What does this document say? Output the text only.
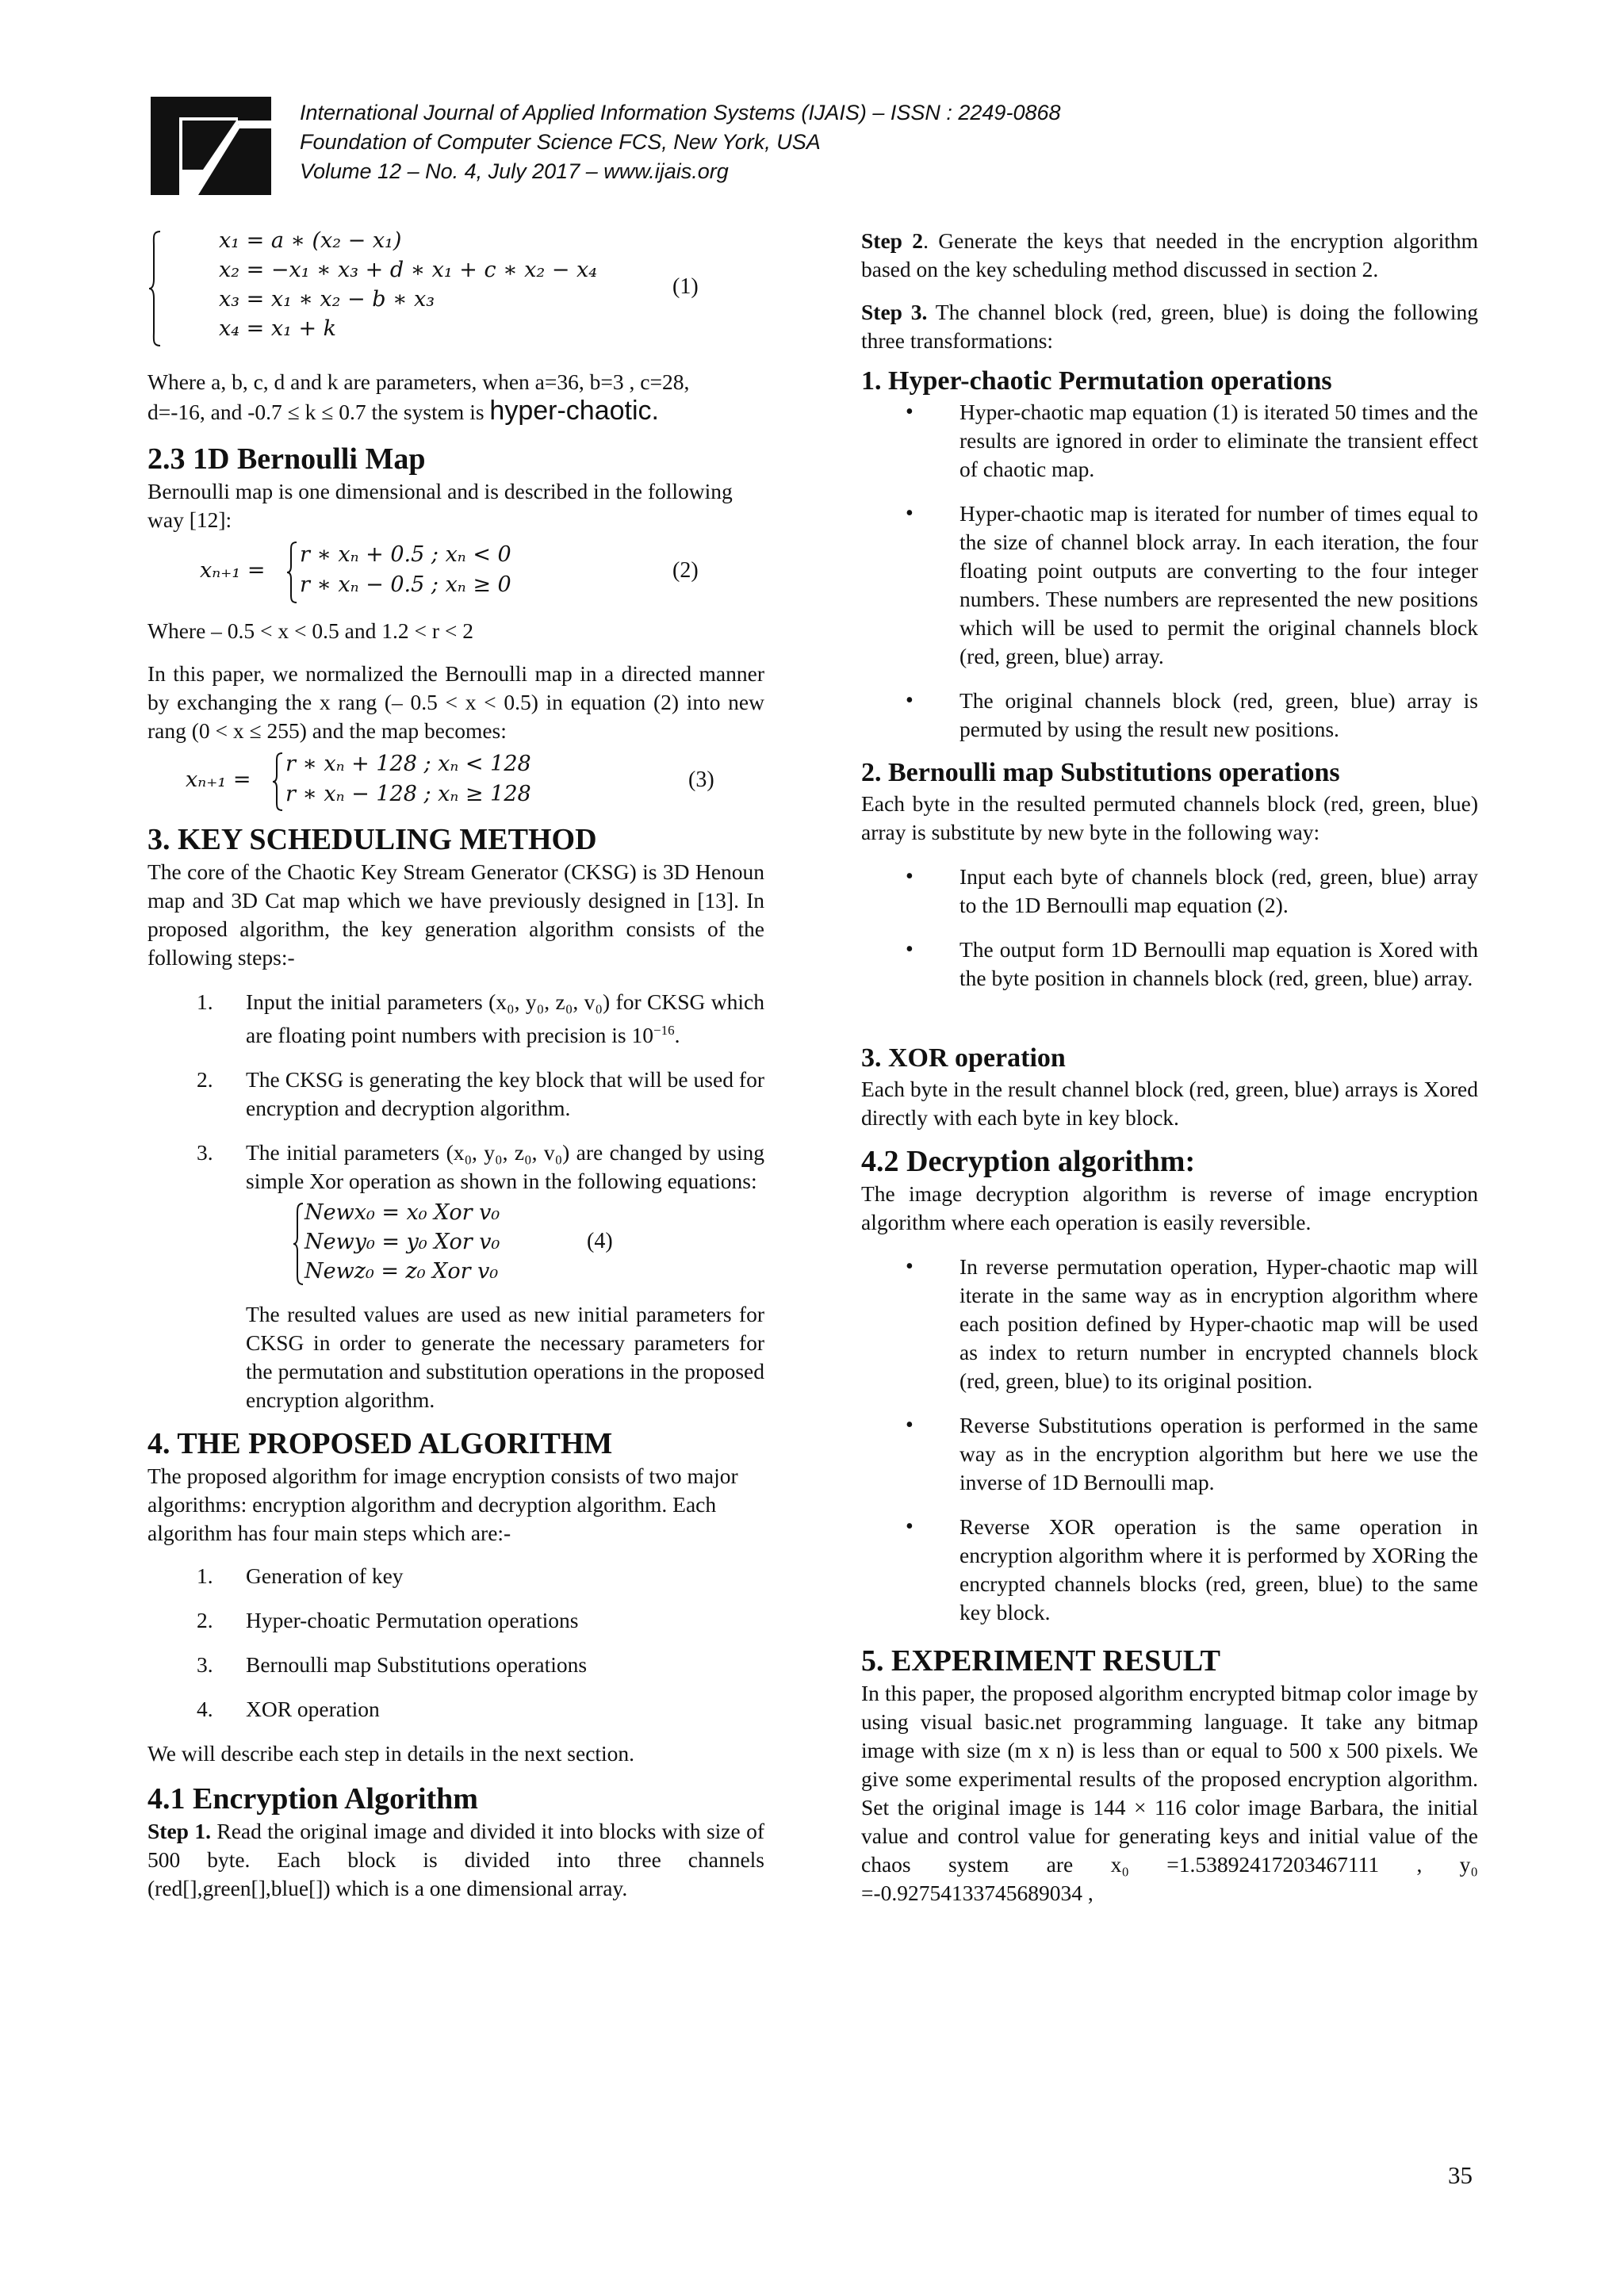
International Journal of Applied Information Systems (IJAIS) – ISSN : 2249-0868
Foundation of Computer Science FCS, New York, USA
Volume 12 – No. 4, July 2017 – www.ijais.org
x₁ = a ∗ (x₂ − x₁)
x₂ = −x₁ ∗ x₃ + d ∗ x₁ + c ∗ x₂ − x₄
x₃ = x₁ ∗ x₂ − b ∗ x₃
x₄ = x₁ + k
(1)

Where a, b, c, d and k are parameters, when a=36, b=3 , c=28,

d=-16, and -0.7 ≤ k ≤ 0.7 the system is hyper-chaotic.

2.3 1D Bernoulli Map

Bernoulli map is one dimensional and is described in the following way [12]:

xₙ₊₁ =
r ∗ xₙ + 0.5 ; xₙ < 0
r ∗ xₙ − 0.5 ; xₙ ≥ 0
(2)

Where – 0.5 < x < 0.5 and 1.2 < r < 2

In this paper, we normalized the Bernoulli map in a directed manner by exchanging the x rang (– 0.5 < x < 0.5) in equation (2) into new rang (0 < x ≤ 255) and the map becomes:

xₙ₊₁ =
r ∗ xₙ + 128 ; xₙ < 128
r ∗ xₙ − 128 ; xₙ ≥ 128
(3)
3. KEY SCHEDULING METHOD

The core of the Chaotic Key Stream Generator (CKSG) is 3D Henoun map and 3D Cat map which we have previously designed in [13]. In proposed algorithm, the key generation algorithm consists of the following steps:-

1. Input the initial parameters (x₀, y₀, z₀, v₀) for CKSG which are floating point numbers with precision is $10^{-16}$.
2. The CKSG is generating the key block that will be used for encryption and decryption algorithm.
3. The initial parameters (x₀, y₀, z₀, v₀) are changed by using simple Xor operation as shown in the following equations:
Newx₀ = x₀ Xor v₀
Newy₀ = y₀ Xor v₀
Newz₀ = z₀ Xor v₀
(4)

The resulted values are used as new initial parameters for CKSG in order to generate the necessary parameters for the permutation and substitution operations in the proposed encryption algorithm.

4. THE PROPOSED ALGORITHM

The proposed algorithm for image encryption consists of two major algorithms: encryption algorithm and decryption algorithm. Each algorithm has four main steps which are:-

1. Generation of key
2. Hyper-choatic Permutation operations
3. Bernoulli map Substitutions operations
4. XOR operation

We will describe each step in details in the next section.

4.1 Encryption Algorithm

Step 1. Read the original image and divided it into blocks with size of 500 byte. Each block is divided into three channels (red[],green[],blue[]) which is a one dimensional array.

Step 2. Generate the keys that needed in the encryption algorithm based on the key scheduling method discussed in section 2.

Step 3. The channel block (red, green, blue) is doing the following three transformations:

1. Hyper-chaotic Permutation operations
• Hyper-chaotic map equation (1) is iterated 50 times and the results are ignored in order to eliminate the transient effect of chaotic map.
• Hyper-chaotic map is iterated for number of times equal to the size of channel block array. In each iteration, the four floating point outputs are converting to the four integer numbers. These numbers are represented the new positions which will be used to permit the original channels block (red, green, blue) array.
• The original channels block (red, green, blue) array is permuted by using the result new positions.
2. Bernoulli map Substitutions operations

Each byte in the resulted permuted channels block (red, green, blue) array is substitute by new byte in the following way:

• Input each byte of channels block (red, green, blue) array to the 1D Bernoulli map equation (2).
• The output form 1D Bernoulli map equation is Xored with the byte position in channels block (red, green, blue) array.
3. XOR operation

Each byte in the result channel block (red, green, blue) arrays is Xored directly with each byte in key block.

4.2 Decryption algorithm:

The image decryption algorithm is reverse of image encryption algorithm where each operation is easily reversible.

• In reverse permutation operation, Hyper-chaotic map will iterate in the same way as in encryption algorithm where each position defined by Hyper-chaotic map will be used as index to return number in encrypted channels block (red, green, blue) to its original position.
• Reverse Substitutions operation is performed in the same way as in the encryption algorithm but here we use the inverse of 1D Bernoulli map.
• Reverse XOR operation is the same operation in encryption algorithm where it is performed by XORing the encrypted channels blocks (red, green, blue) to the same key block.
5. EXPERIMENT RESULT

In this paper, the proposed algorithm encrypted bitmap color image by using visual basic.net programming language. It take any bitmap image with size (m x n) is less than or equal to 500 x 500 pixels. We give some experimental results of the proposed encryption algorithm. Set the original image is 144 × 116 color image Barbara, the initial value and control value for generating keys and initial value of the chaos system are x₀ =1.53892417203467111 , y₀ =-0.92754133745689034 ,

35
